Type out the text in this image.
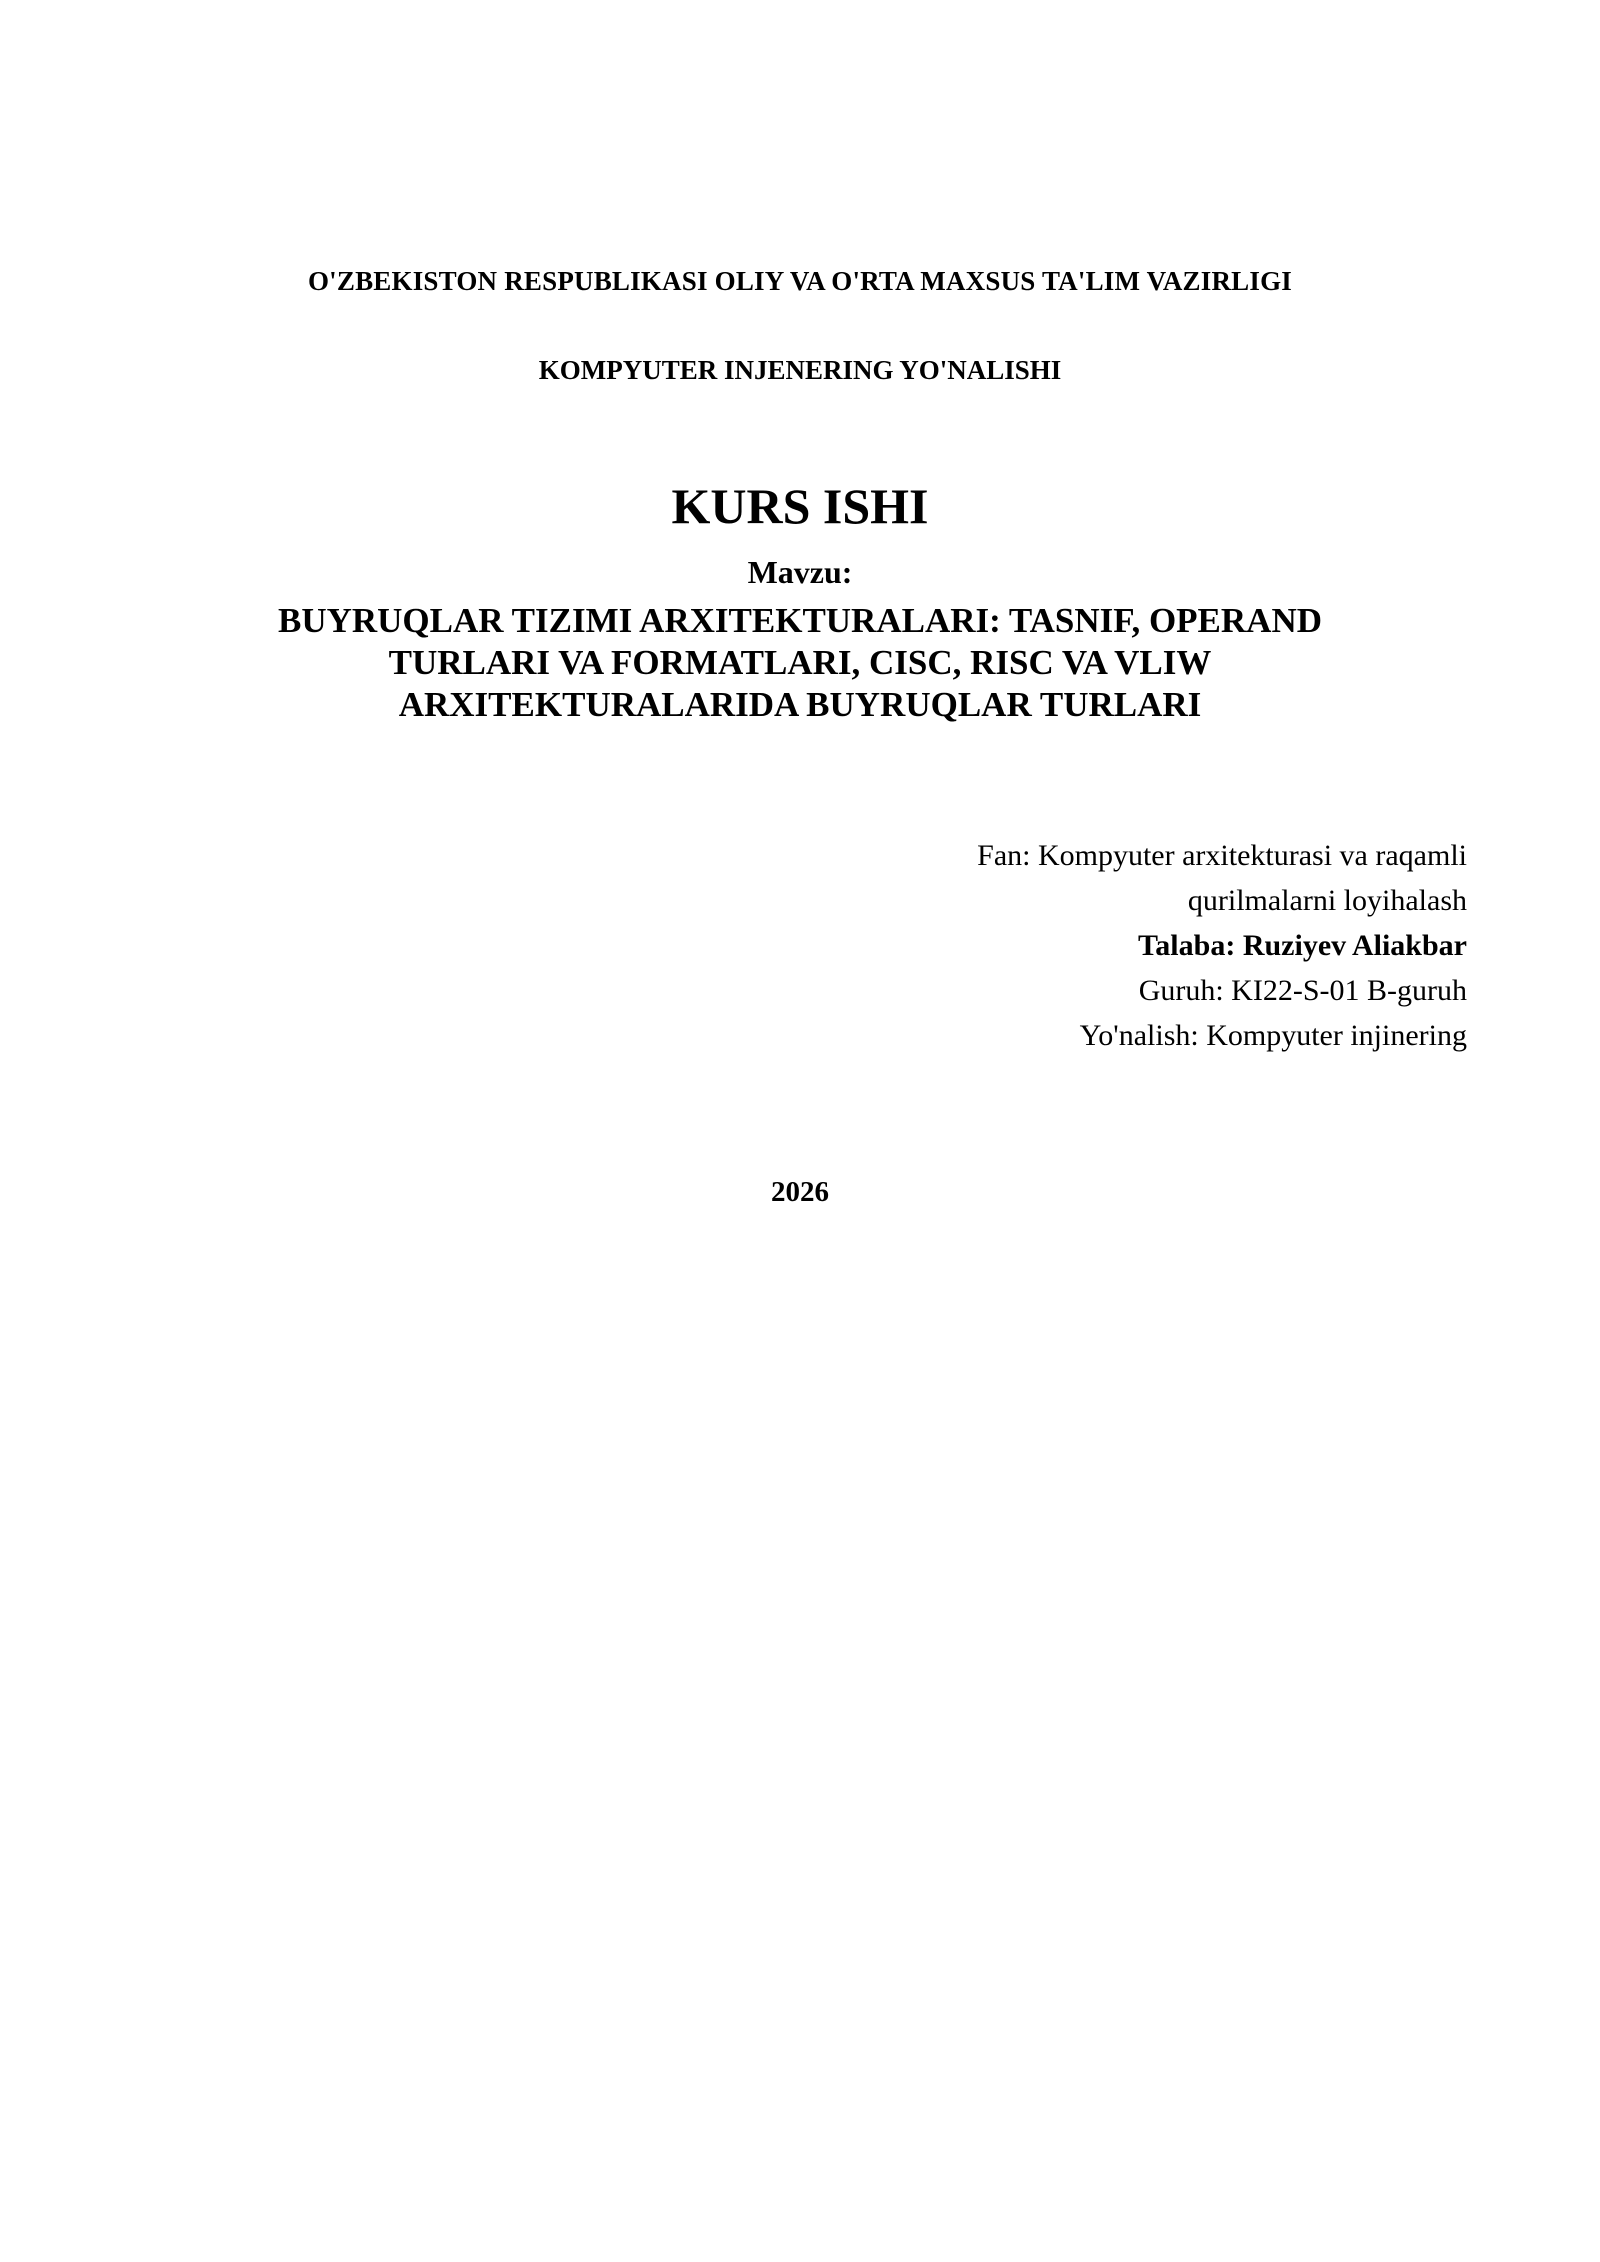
O'ZBEKISTON RESPUBLIKASI OLIY VA O'RTA MAXSUS TA'LIM VAZIRLIGI

KOMPYUTER INJENERING YO'NALISHI

KURS ISHI

Mavzu:

BUYRUQLAR TIZIMI ARXITEKTURALARI: TASNIF, OPERAND
TURLARI VA FORMATLARI, CISC, RISC VA VLIW
ARXITEKTURALARIDA BUYRUQLAR TURLARI
Fan: Kompyuter arxitekturasi va raqamli
qurilmalarni loyihalash
Talaba: Ruziyev Aliakbar
Guruh: KI22-S-01 B-guruh
Yo'nalish: Kompyuter injinering

2026
